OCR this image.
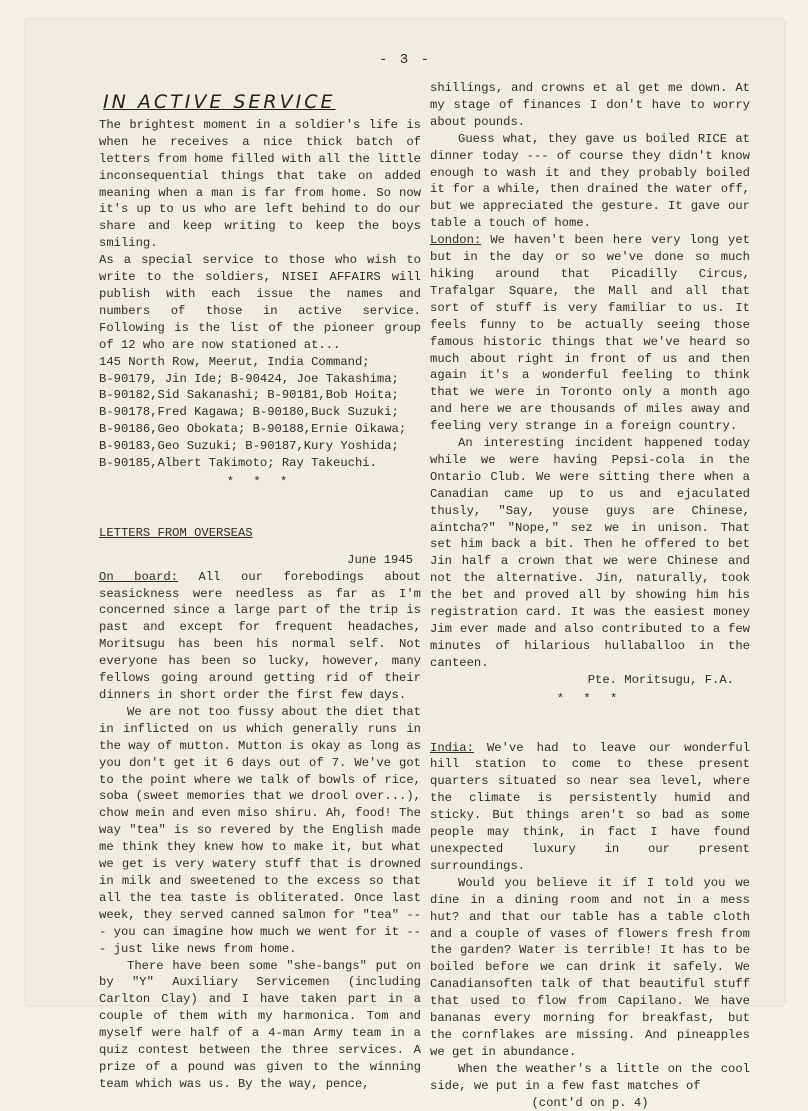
- 3 -
IN ACTIVE SERVICE

The brightest moment in a soldier's life is when he receives a nice thick batch of letters from home filled with all the little inconsequential things that take on added meaning when a man is far from home. So now it's up to us who are left behind to do our share and keep writing to keep the boys smiling.

As a special service to those who wish to write to the soldiers, NISEI AFFAIRS will publish with each issue the names and numbers of those in active service. Following is the list of the pioneer group of 12 who are now stationed at...

145 North Row, Meerut, India Command;
B-90179, Jin Ide; B-90424, Joe Takashima;
B-90182,Sid Sakanashi; B-90181,Bob Hoita;
B-90178,Fred Kagawa; B-90180,Buck Suzuki;
B-90186,Geo Obokata; B-90188,Ernie Oikawa;
B-90183,Geo Suzuki; B-90187,Kury Yoshida;
B-90185,Albert Takimoto; Ray Takeuchi.
* * *
LETTERS FROM OVERSEAS
June 1945

On board: All our forebodings about seasickness were needless as far as I'm concerned since a large part of the trip is past and except for frequent headaches, Moritsugu has been his normal self. Not everyone has been so lucky, however, many fellows going around getting rid of their dinners in short order the first few days.

We are not too fussy about the diet that in inflicted on us which generally runs in the way of mutton. Mutton is okay as long as you don't get it 6 days out of 7. We've got to the point where we talk of bowls of rice, soba (sweet memories that we drool over...), chow mein and even miso shiru. Ah, food! The way "tea" is so revered by the English made me think they knew how to make it, but what we get is very watery stuff that is drowned in milk and sweetened to the excess so that all the tea taste is obliterated. Once last week, they served canned salmon for "tea" --- you can imagine how much we went for it --- just like news from home.

There have been some "she-bangs" put on by "Y" Auxiliary Servicemen (including Carlton Clay) and I have taken part in a couple of them with my harmonica. Tom and myself were half of a 4-man Army team in a quiz contest between the three services. A prize of a pound was given to the winning team which was us. By the way, pence,

shillings, and crowns et al get me down. At my stage of finances I don't have to worry about pounds.

Guess what, they gave us boiled RICE at dinner today --- of course they didn't know enough to wash it and they probably boiled it for a while, then drained the water off, but we appreciated the gesture. It gave our table a touch of home.

London: We haven't been here very long yet but in the day or so we've done so much hiking around that Picadilly Circus, Trafalgar Square, the Mall and all that sort of stuff is very familiar to us. It feels funny to be actually seeing those famous historic things that we've heard so much about right in front of us and then again it's a wonderful feeling to think that we were in Toronto only a month ago and here we are thousands of miles away and feeling very strange in a foreign country.

An interesting incident happened today while we were having Pepsi-cola in the Ontario Club. We were sitting there when a Canadian came up to us and ejaculated thusly, "Say, youse guys are Chinese, aintcha?" "Nope," sez we in unison. That set him back a bit. Then he offered to bet Jin half a crown that we were Chinese and not the alternative. Jin, naturally, took the bet and proved all by showing him his registration card. It was the easiest money Jim ever made and also contributed to a few minutes of hilarious hullaballoo in the canteen.

Pte. Moritsugu, F.A.
* * *

India: We've had to leave our wonderful hill station to come to these present quarters situated so near sea level, where the climate is persistently humid and sticky. But things aren't so bad as some people may think, in fact I have found unexpected luxury in our present surroundings.

Would you believe it if I told you we dine in a dining room and not in a mess hut? and that our table has a table cloth and a couple of vases of flowers fresh from the garden? Water is terrible! It has to be boiled before we can drink it safely. We Canadiansoften talk of that beautiful stuff that used to flow from Capilano. We have bananas every morning for breakfast, but the cornflakes are missing. And pineapples we get in abundance.

When the weather's a little on the cool side, we put in a few fast matches of

(cont'd on p. 4)
